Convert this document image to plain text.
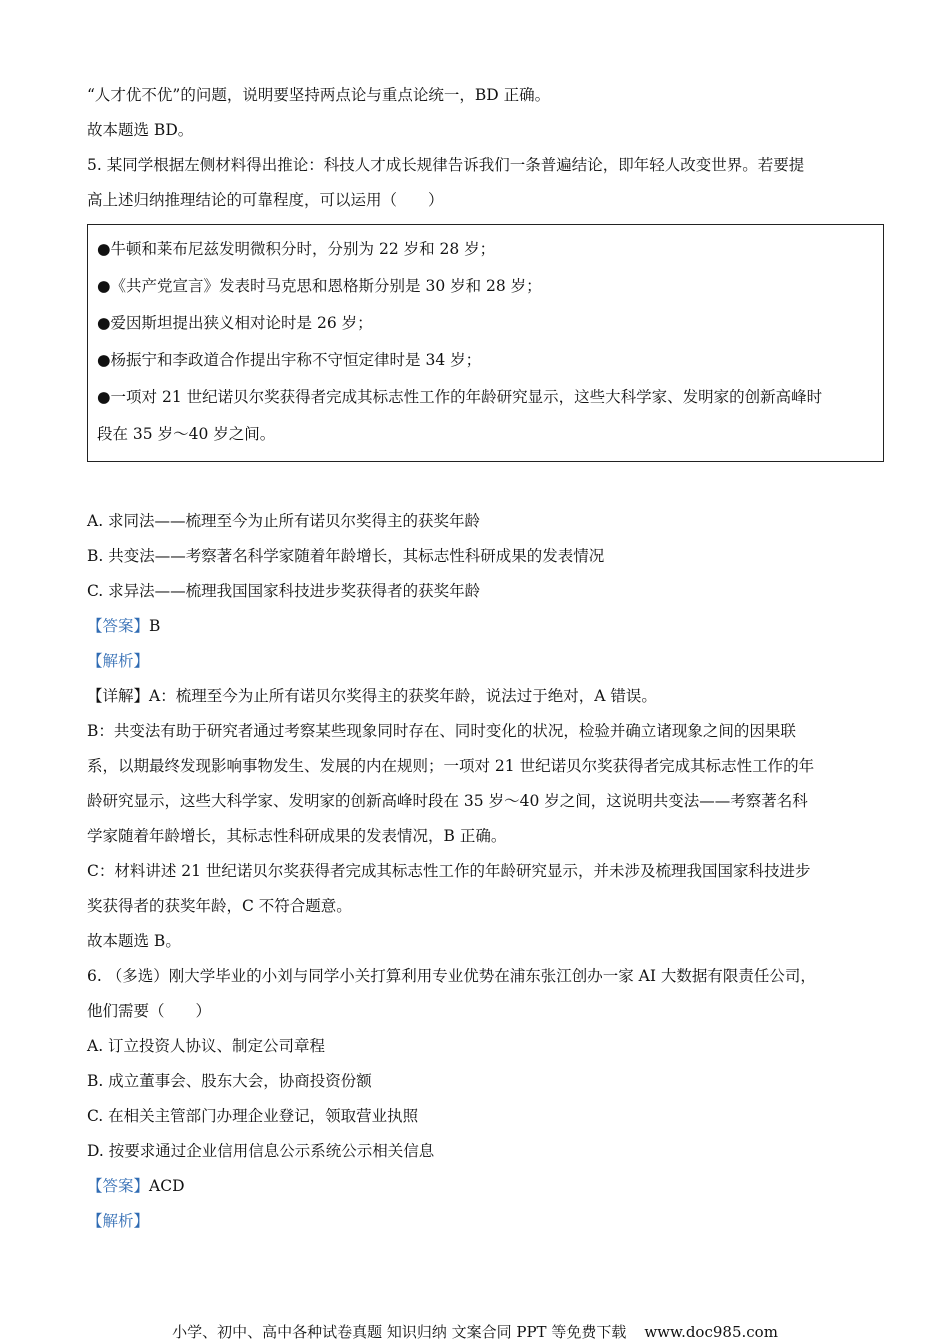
“人才优不优”的问题，说明要坚持两点论与重点论统一，BD 正确。

故本题选 BD。

5. 某同学根据左侧材料得出推论：科技人才成长规律告诉我们一条普遍结论，即年轻人改变世界。若要提

高上述归纳推理结论的可靠程度，可以运用（　　）

●牛顿和莱布尼兹发明微积分时，分别为 22 岁和 28 岁；

●《共产党宣言》发表时马克思和恩格斯分别是 30 岁和 28 岁；

●爱因斯坦提出狭义相对论时是 26 岁；

●杨振宁和李政道合作提出宇称不守恒定律时是 34 岁；

●一项对 21 世纪诺贝尔奖获得者完成其标志性工作的年龄研究显示，这些大科学家、发明家的创新高峰时

段在 35 岁～40 岁之间。

A. 求同法——梳理至今为止所有诺贝尔奖得主的获奖年龄

B. 共变法——考察著名科学家随着年龄增长，其标志性科研成果的发表情况

C. 求异法——梳理我国国家科技进步奖获得者的获奖年龄

【答案】B

【解析】

【详解】A：梳理至今为止所有诺贝尔奖得主的获奖年龄，说法过于绝对，A 错误。

B：共变法有助于研究者通过考察某些现象同时存在、同时变化的状况，检验并确立诸现象之间的因果联

系，以期最终发现影响事物发生、发展的内在规则；一项对 21 世纪诺贝尔奖获得者完成其标志性工作的年

龄研究显示，这些大科学家、发明家的创新高峰时段在 35 岁～40 岁之间，这说明共变法——考察著名科

学家随着年龄增长，其标志性科研成果的发表情况，B 正确。

C：材料讲述 21 世纪诺贝尔奖获得者完成其标志性工作的年龄研究显示，并未涉及梳理我国国家科技进步

奖获得者的获奖年龄，C 不符合题意。

故本题选 B。

6. （多选）刚大学毕业的小刘与同学小关打算利用专业优势在浦东张江创办一家 AI 大数据有限责任公司，

他们需要（　　）

A. 订立投资人协议、制定公司章程

B. 成立董事会、股东大会，协商投资份额

C. 在相关主管部门办理企业登记，领取营业执照

D. 按要求通过企业信用信息公示系统公示相关信息

【答案】ACD

【解析】

小学、初中、高中各种试卷真题 知识归纳 文案合同 PPT 等免费下载 www.doc985.com
